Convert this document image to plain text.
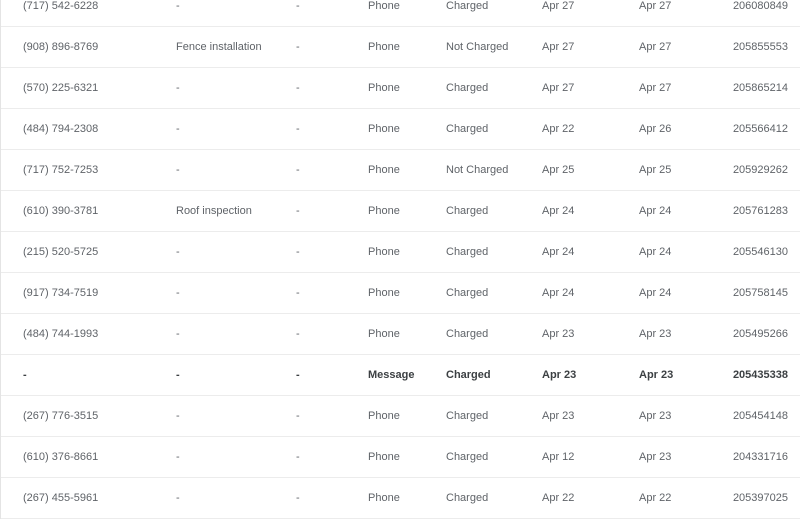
(717) 542-6228	-	-	Phone	Charged	Apr 27	Apr 27	206080849
(908) 896-8769	Fence installation	-	Phone	Not Charged	Apr 27	Apr 27	205855553
(570) 225-6321	-	-	Phone	Charged	Apr 27	Apr 27	205865214
(484) 794-2308	-	-	Phone	Charged	Apr 22	Apr 26	205566412
(717) 752-7253	-	-	Phone	Not Charged	Apr 25	Apr 25	205929262
(610) 390-3781	Roof inspection	-	Phone	Charged	Apr 24	Apr 24	205761283
(215) 520-5725	-	-	Phone	Charged	Apr 24	Apr 24	205546130
(917) 734-7519	-	-	Phone	Charged	Apr 24	Apr 24	205758145
(484) 744-1993	-	-	Phone	Charged	Apr 23	Apr 23	205495266
-	-	-	Message	Charged	Apr 23	Apr 23	205435338
(267) 776-3515	-	-	Phone	Charged	Apr 23	Apr 23	205454148
(610) 376-8661	-	-	Phone	Charged	Apr 12	Apr 23	204331716
(267) 455-5961	-	-	Phone	Charged	Apr 22	Apr 22	205397025
